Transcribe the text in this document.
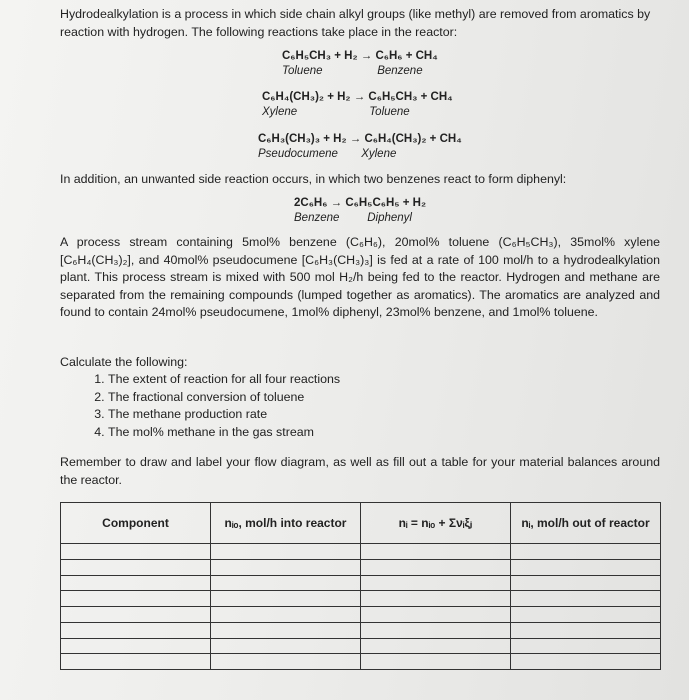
Hydrodealkylation is a process in which side chain alkyl groups (like methyl) are removed from aromatics by reaction with hydrogen. The following reactions take place in the reactor:

C₆H₅CH₃ + H₂ → C₆H₆ + CH₄
Toluene	Benzene
C₆H₄(CH₃)₂ + H₂ → C₆H₅CH₃ + CH₄
Xylene	Toluene
C₆H₃(CH₃)₃ + H₂ → C₆H₄(CH₃)₂ + CH₄
Pseudocumene Xylene

In addition, an unwanted side reaction occurs, in which two benzenes react to form diphenyl:

2C₆H₆ → C₆H₅C₆H₅ + H₂
Benzene Diphenyl

A process stream containing 5mol% benzene (C₆H₆), 20mol% toluene (C₆H₅CH₃), 35mol% xylene [C₆H₄(CH₃)₂], and 40mol% pseudocumene [C₆H₃(CH₃)₃] is fed at a rate of 100 mol/h to a hydrodealkylation plant. This process stream is mixed with 500 mol H₂/h being fed to the reactor. Hydrogen and methane are separated from the remaining compounds (lumped together as aromatics). The aromatics are analyzed and found to contain 24mol% pseudocumene, 1mol% diphenyl, 23mol% benzene, and 1mol% toluene.

Calculate the following:

1. The extent of reaction for all four reactions
2. The fractional conversion of toluene
3. The methane production rate
4. The mol% methane in the gas stream

Remember to draw and label your flow diagram, as well as fill out a table for your material balances around the reactor.

Component	nᵢₒ, mol/h into reactor	nᵢ = nᵢₒ + Σνᵢξⱼ	nᵢ, mol/h out of reactor
